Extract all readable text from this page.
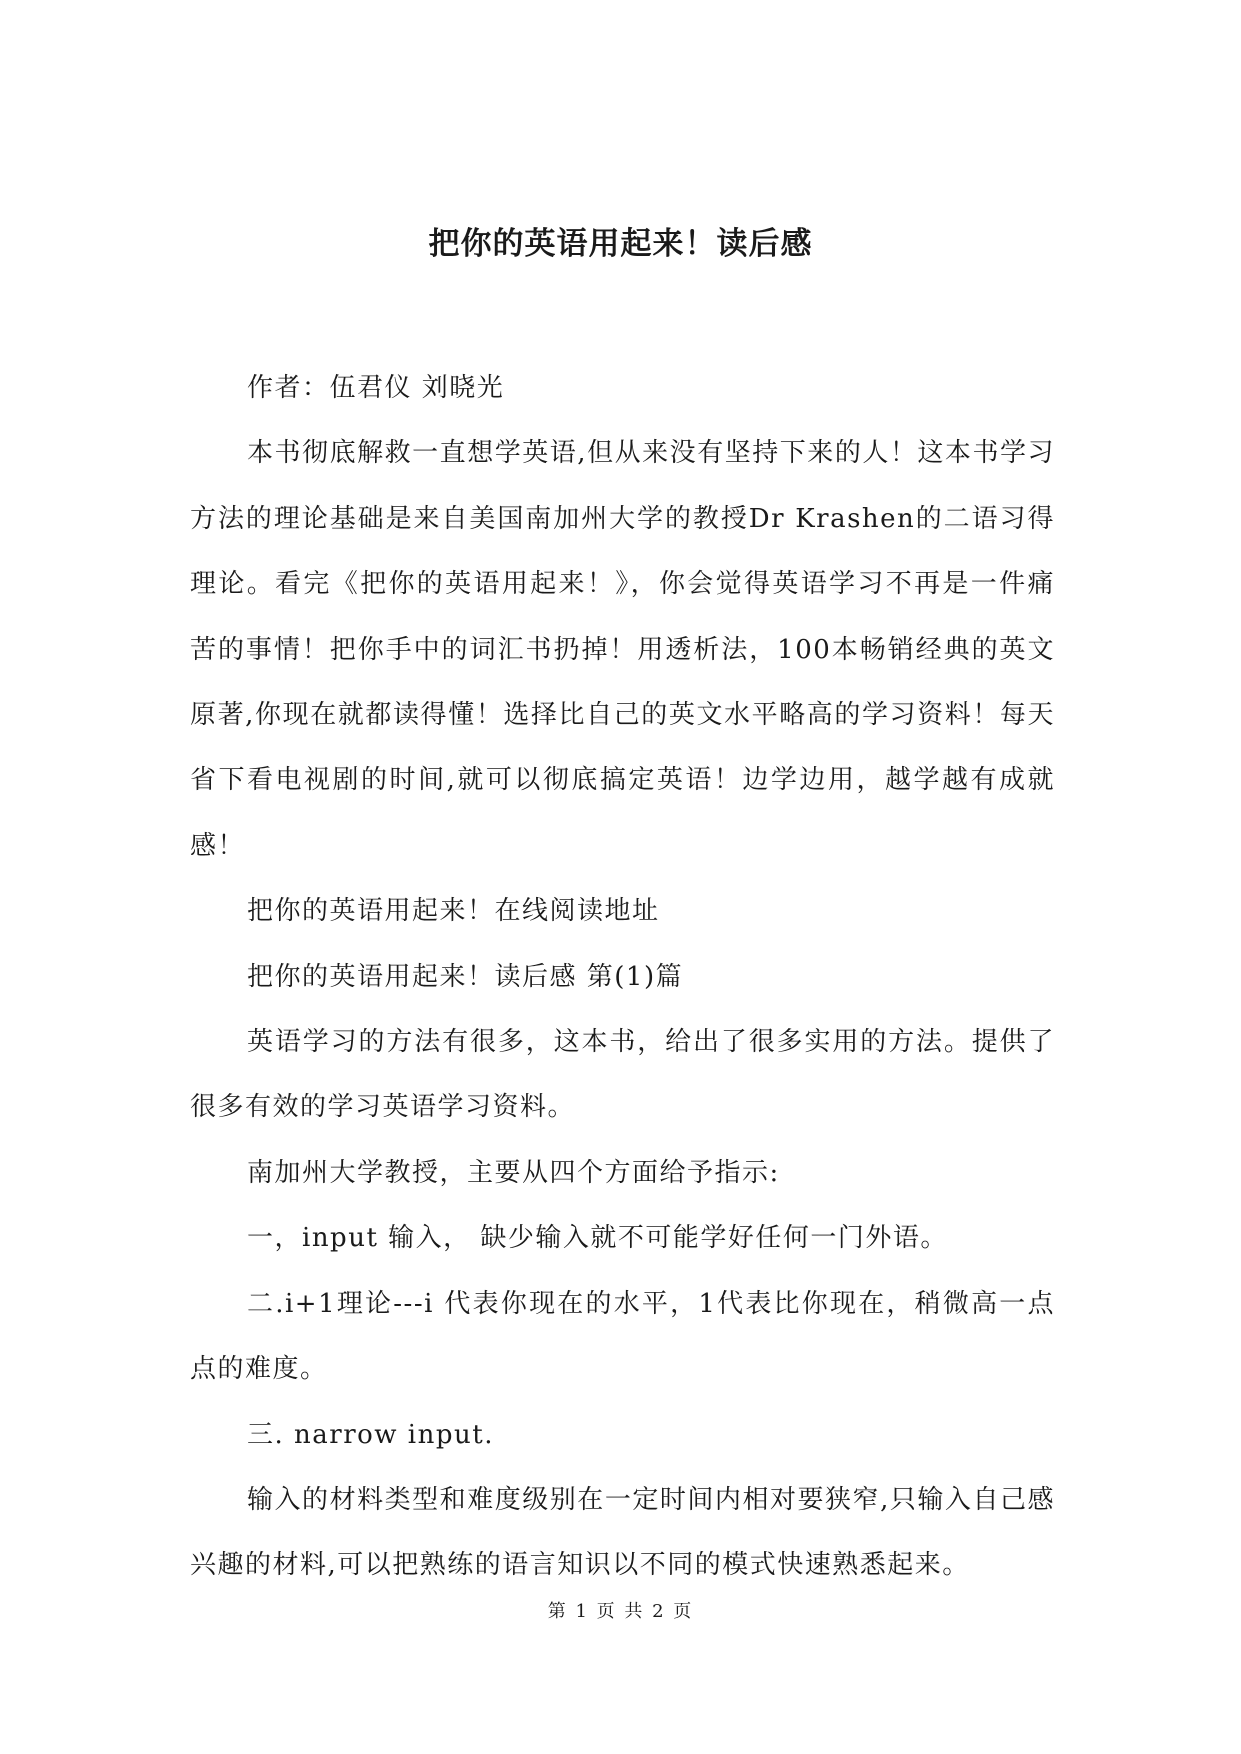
把你的英语用起来！读后感

作者：伍君仪 刘晓光

本书彻底解救一直想学英语,但从来没有坚持下来的人！这本书学习方法的理论基础是来自美国南加州大学的教授Dr Krashen的二语习得理论。看完《把你的英语用起来！》，你会觉得英语学习不再是一件痛苦的事情！把你手中的词汇书扔掉！用透析法，100本畅销经典的英文原著,你现在就都读得懂！选择比自己的英文水平略高的学习资料！每天省下看电视剧的时间,就可以彻底搞定英语！边学边用，越学越有成就感！

把你的英语用起来！在线阅读地址

把你的英语用起来！读后感 第(1)篇

英语学习的方法有很多，这本书，给出了很多实用的方法。提供了很多有效的学习英语学习资料。

南加州大学教授，主要从四个方面给予指示:

一，input 输入， 缺少输入就不可能学好任何一门外语。

二.i+1理论---i 代表你现在的水平，1代表比你现在，稍微高一点点的难度。

三. narrow input.

输入的材料类型和难度级别在一定时间内相对要狭窄,只输入自己感兴趣的材料,可以把熟练的语言知识以不同的模式快速熟悉起来。

第 1 页 共 2 页
